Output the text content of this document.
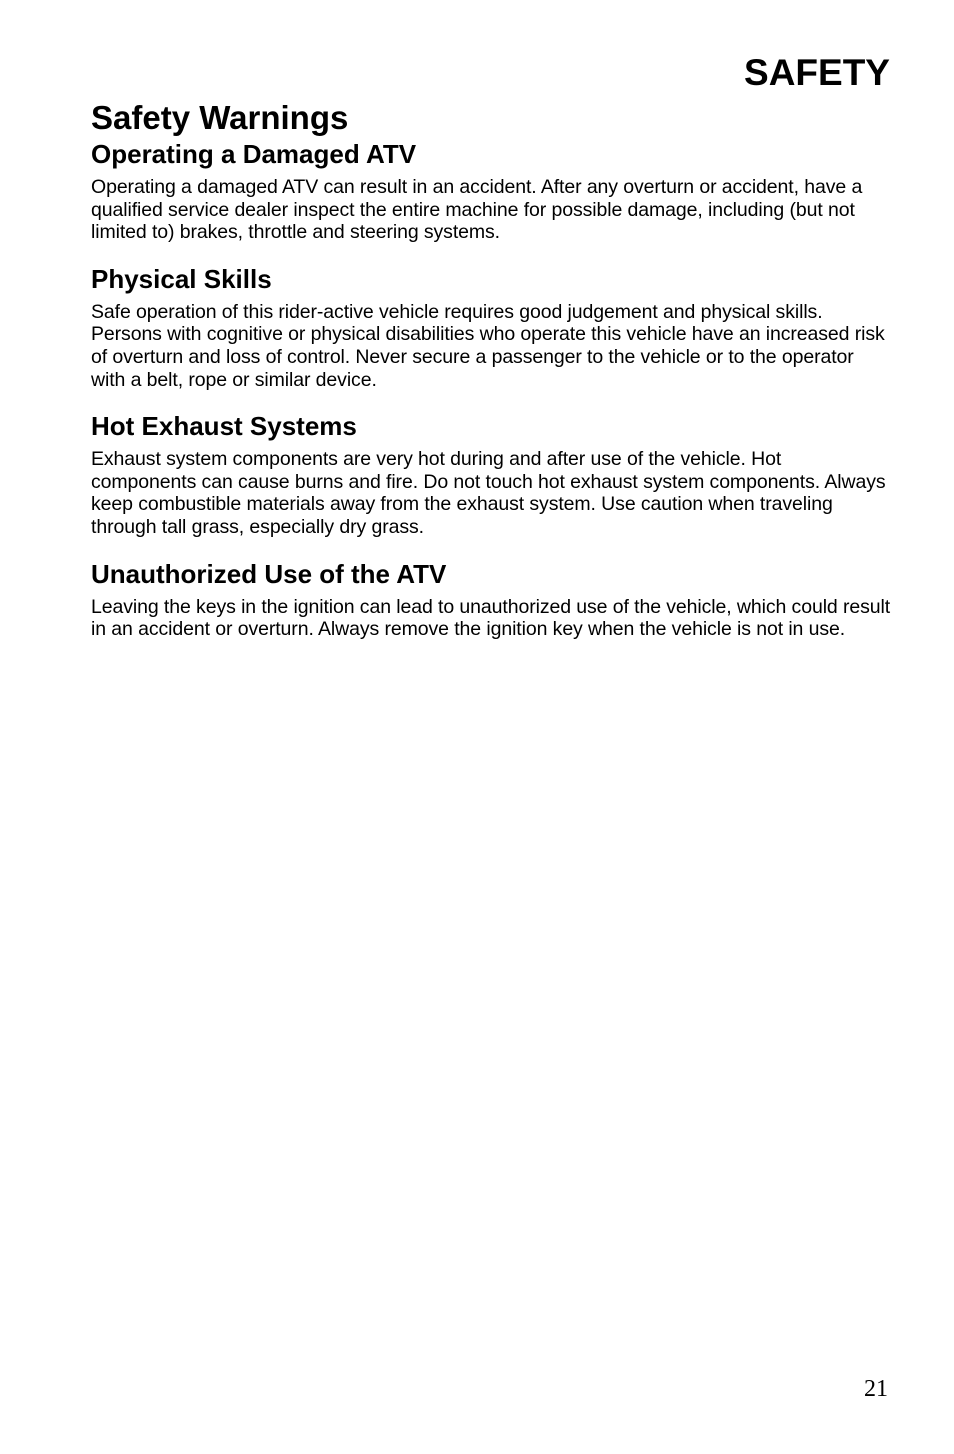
SAFETY
Safety Warnings
Operating a Damaged ATV

Operating a damaged ATV can result in an accident. After any overturn or accident, have a qualified service dealer inspect the entire machine for possible damage, including (but not limited to) brakes, throttle and steering systems.

Physical Skills

Safe operation of this rider-active vehicle requires good judgement and physical skills. Persons with cognitive or physical disabilities who operate this vehicle have an increased risk of overturn and loss of control. Never secure a passenger to the vehicle or to the operator with a belt, rope or similar device.

Hot Exhaust Systems

Exhaust system components are very hot during and after use of the vehicle. Hot components can cause burns and fire. Do not touch hot exhaust system components. Always keep combustible materials away from the exhaust system. Use caution when traveling through tall grass, especially dry grass.

Unauthorized Use of the ATV

Leaving the keys in the ignition can lead to unauthorized use of the vehicle, which could result in an accident or overturn. Always remove the ignition key when the vehicle is not in use.

21
